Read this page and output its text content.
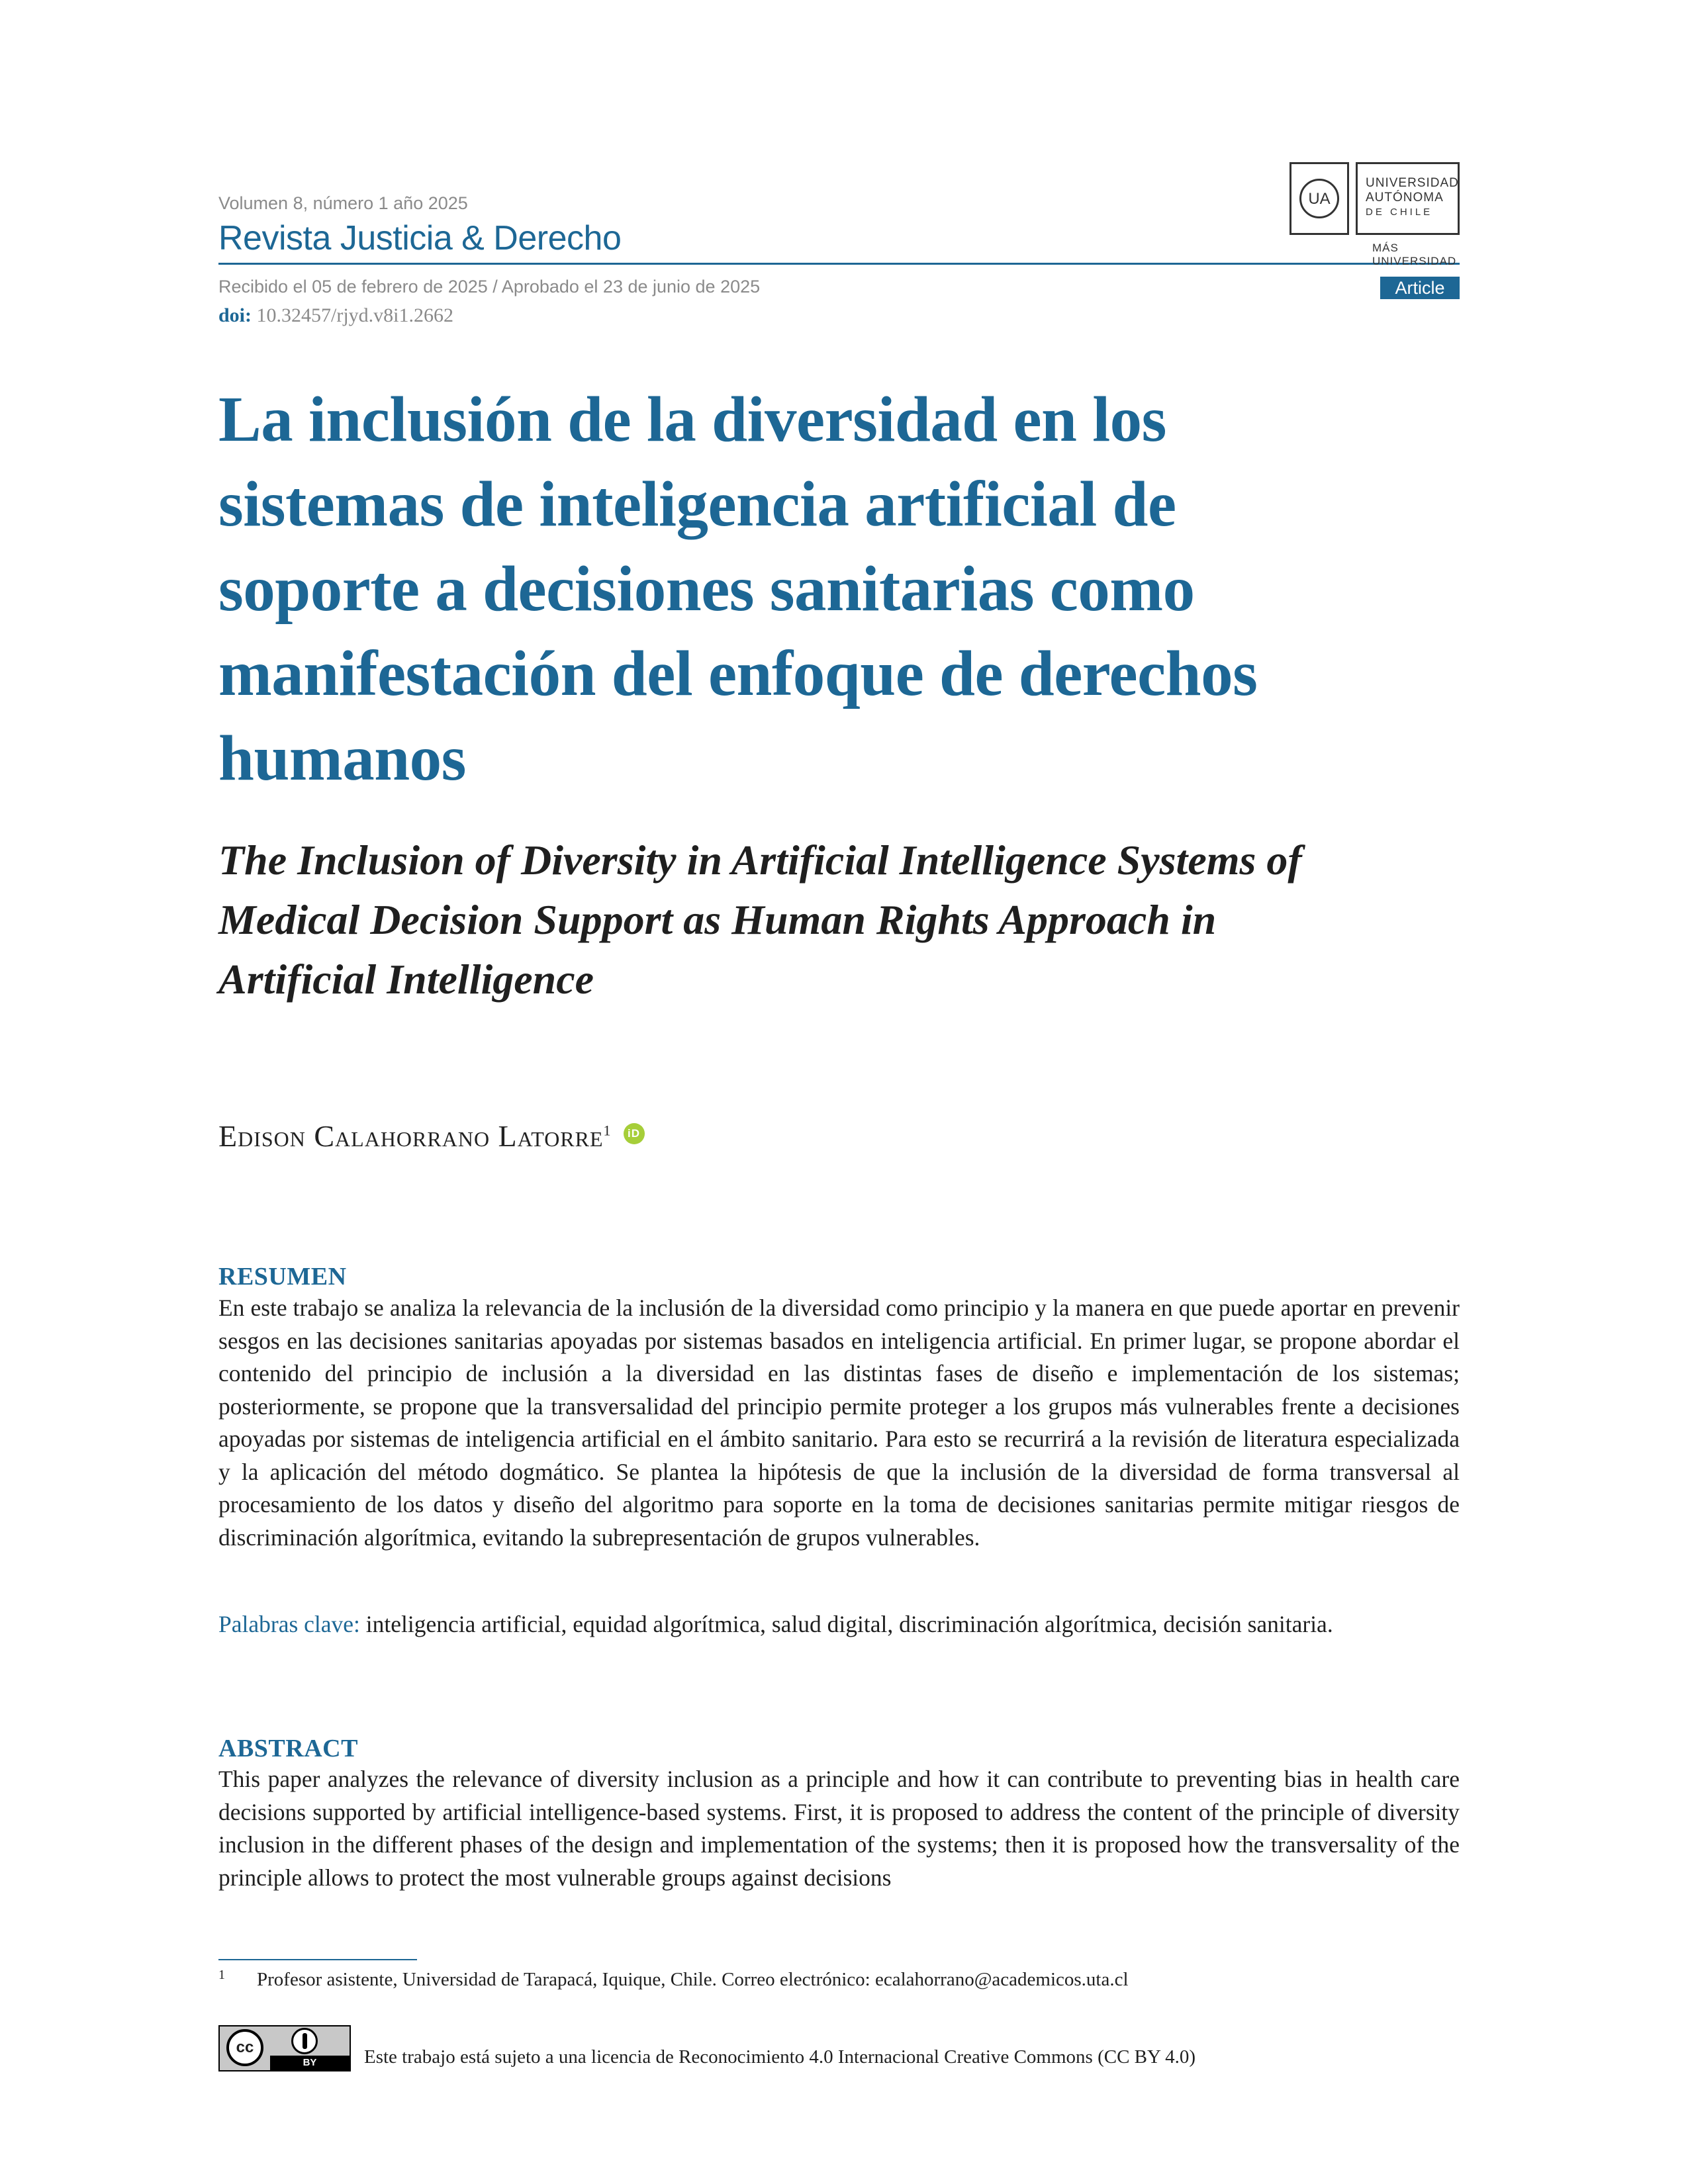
Volumen 8, número 1 año 2025
Revista Justicia & Derecho
Recibido el 05 de febrero de 2025 / Aprobado el 23 de junio de 2025
doi: 10.32457/rjyd.v8i1.2662
Article
UA
UNIVERSIDAD
AUTÓNOMA
DE CHILE
MÁS UNIVERSIDAD
La inclusión de la diversidad en los sistemas de inteligencia artificial de soporte a decisiones sanitarias como manifestación del enfoque de derechos humanos
The Inclusion of Diversity in Artificial Intelligence Systems of Medical Decision Support as Human Rights Approach in Artificial Intelligence
Edison Calahorrano Latorre$^1$ iD
RESUMEN

En este trabajo se analiza la relevancia de la inclusión de la diversidad como principio y la manera en que puede aportar en prevenir sesgos en las decisiones sanitarias apoyadas por sistemas basados en inteligencia artificial. En primer lugar, se propone abordar el contenido del principio de inclusión a la diversidad en las distintas fases de diseño e implementación de los sistemas; posteriormente, se propone que la transversalidad del principio permite proteger a los grupos más vulnerables frente a decisiones apoyadas por sistemas de inteligencia artificial en el ámbito sanitario. Para esto se recurrirá a la revisión de literatura especializada y la aplicación del método dogmático. Se plantea la hipótesis de que la inclusión de la diversidad de forma transversal al procesamiento de los datos y diseño del algoritmo para soporte en la toma de decisiones sanitarias permite mitigar riesgos de discriminación algorítmica, evitando la subrepresentación de grupos vulnerables.

Palabras clave: inteligencia artificial, equidad algorítmica, salud digital, discriminación algorítmica, decisión sanitaria.

ABSTRACT

This paper analyzes the relevance of diversity inclusion as a principle and how it can contribute to preventing bias in health care decisions supported by artificial intelligence-based systems. First, it is proposed to address the content of the principle of diversity inclusion in the different phases of the design and implementation of the systems; then it is proposed how the transversality of the principle allows to protect the most vulnerable groups against decisions

1 Profesor asistente, Universidad de Tarapacá, Iquique, Chile. Correo electrónico: ecalahorrano@academicos.uta.cl
cc
BY	Este trabajo está sujeto a una licencia de Reconocimiento 4.0 Internacional Creative Commons (CC BY 4.0)
